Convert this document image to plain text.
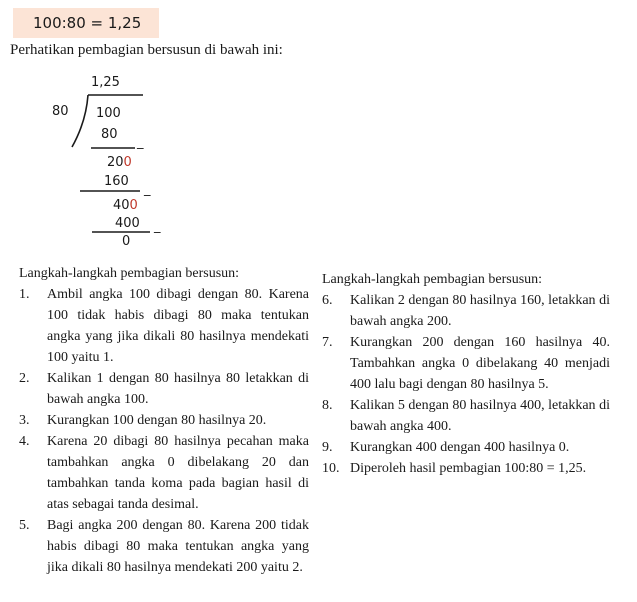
100:80 = 1,25
Perhatikan pembagian bersusun di bawah ini:
1,25
80 100
80
_
200
160
_
400
400 _
0
Langkah-langkah pembagian bersusun:
1. Ambil angka 100 dibagi dengan 80. Karena 100 tidak habis dibagi 80 maka tentukan angka yang jika dikali 80 hasilnya mendekati 100 yaitu 1.
2. Kalikan 1 dengan 80 hasilnya 80 letakkan di bawah angka 100.
3. Kurangkan 100 dengan 80 hasilnya 20.
4. Karena 20 dibagi 80 hasilnya pecahan maka tambahkan angka 0 dibelakang 20 dan tambahkan tanda koma pada bagian hasil di atas sebagai tanda desimal.
5. Bagi angka 200 dengan 80. Karena 200 tidak habis dibagi 80 maka tentukan angka yang jika dikali 80 hasilnya mendekati 200 yaitu 2.
Langkah-langkah pembagian bersusun:
6. Kalikan 2 dengan 80 hasilnya 160, letakkan di bawah angka 200.
7. Kurangkan 200 dengan 160 hasilnya 40. Tambahkan angka 0 dibelakang 40 menjadi 400 lalu bagi dengan 80 hasilnya 5.
8. Kalikan 5 dengan 80 hasilnya 400, letakkan di bawah angka 400.
9. Kurangkan 400 dengan 400 hasilnya 0.
10. Diperoleh hasil pembagian 100:80 = 1,25.
